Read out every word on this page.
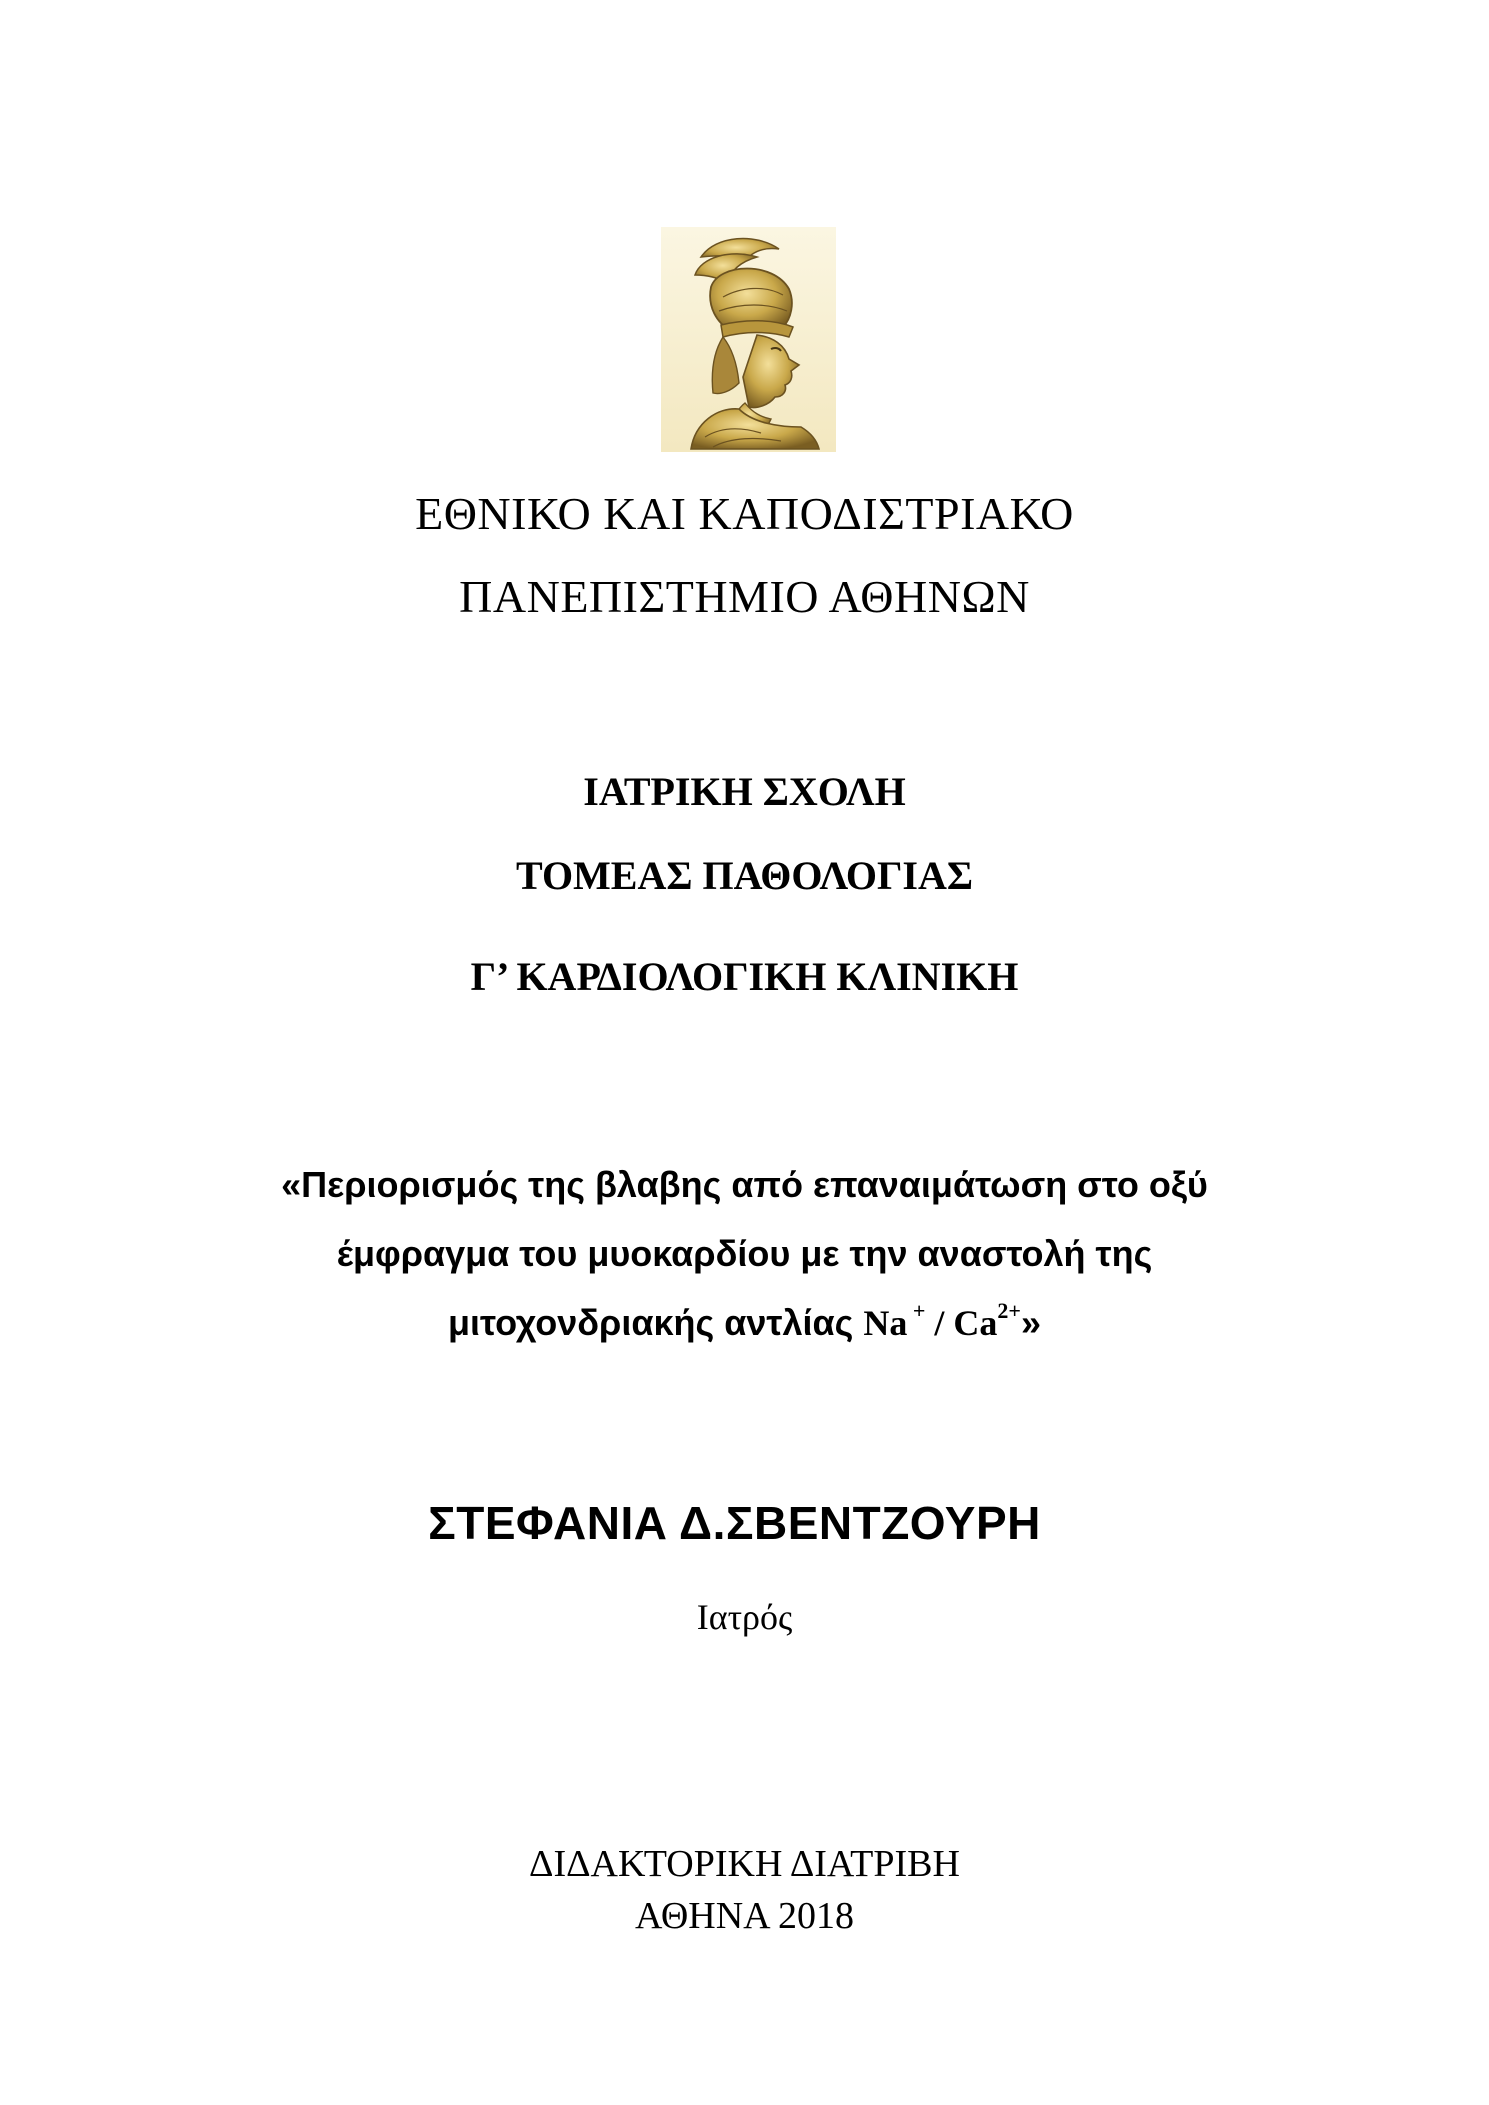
ΕΘΝΙΚΟ ΚΑΙ ΚΑΠΟΔΙΣΤΡΙΑΚΟ
ΠΑΝΕΠΙΣΤΗΜΙΟ ΑΘΗΝΩΝ
ΙΑΤΡΙΚΗ ΣΧΟΛΗ
ΤΟΜΕΑΣ ΠΑΘΟΛΟΓΙΑΣ
Γ’ ΚΑΡΔΙΟΛΟΓΙΚΗ ΚΛΙΝΙΚΗ
«Περιορισμός της βλαβης από επαναιμάτωση στο οξύ
έμφραγμα του μυοκαρδίου με την αναστολή της
μιτοχονδριακής αντλίας Na $^+ / Ca^{2+}$»
ΣΤΕΦΑΝΙΑ Δ.ΣΒΕΝΤΖΟΥΡΗ
Ιατρός
ΔΙΔΑΚΤΟΡΙΚΗ ΔΙΑΤΡΙΒΗ
ΑΘΗΝΑ 2018
